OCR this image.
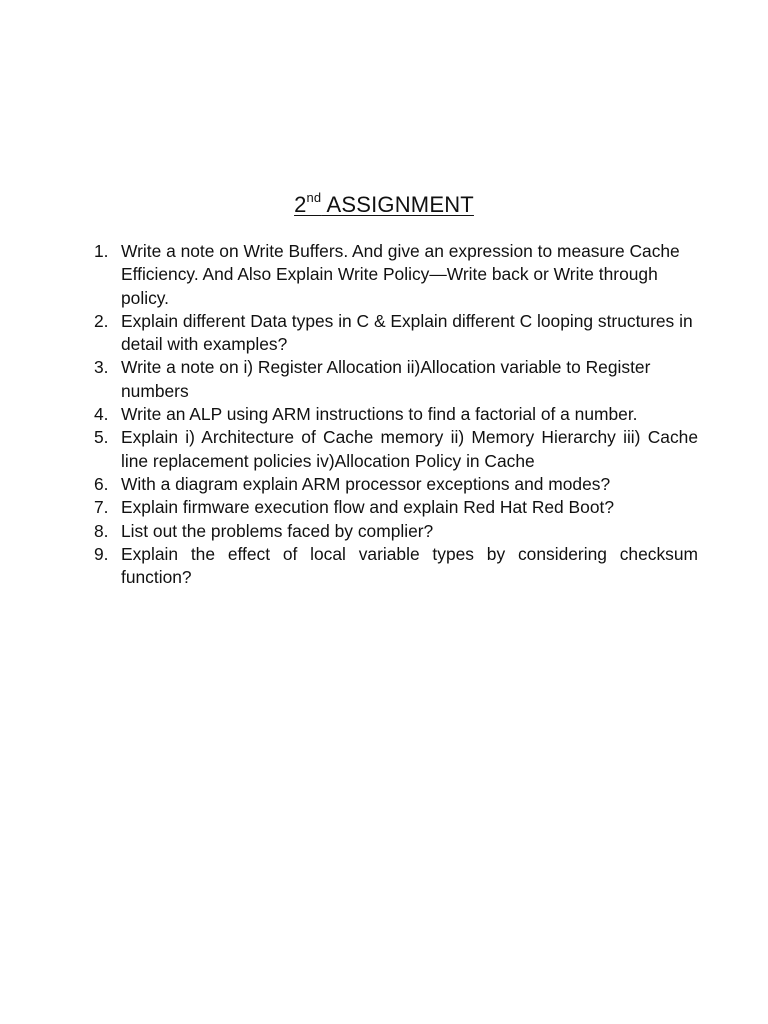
2nd ASSIGNMENT
1. Write a note on Write Buffers. And give an expression to measure Cache Efficiency. And Also Explain Write Policy—Write back or Write through policy.
2. Explain different Data types in C & Explain different C looping structures in detail with examples?
3. Write a note on i) Register Allocation ii)Allocation variable to Register numbers
4. Write an ALP using ARM instructions to find a factorial of a number.
5. Explain i) Architecture of Cache memory ii) Memory Hierarchy iii) Cache line replacement policies iv)Allocation Policy in Cache
6. With a diagram explain ARM processor exceptions and modes?
7. Explain firmware execution flow and explain Red Hat Red Boot?
8. List out the problems faced by complier?
9. Explain the effect of local variable types by considering checksum function?
